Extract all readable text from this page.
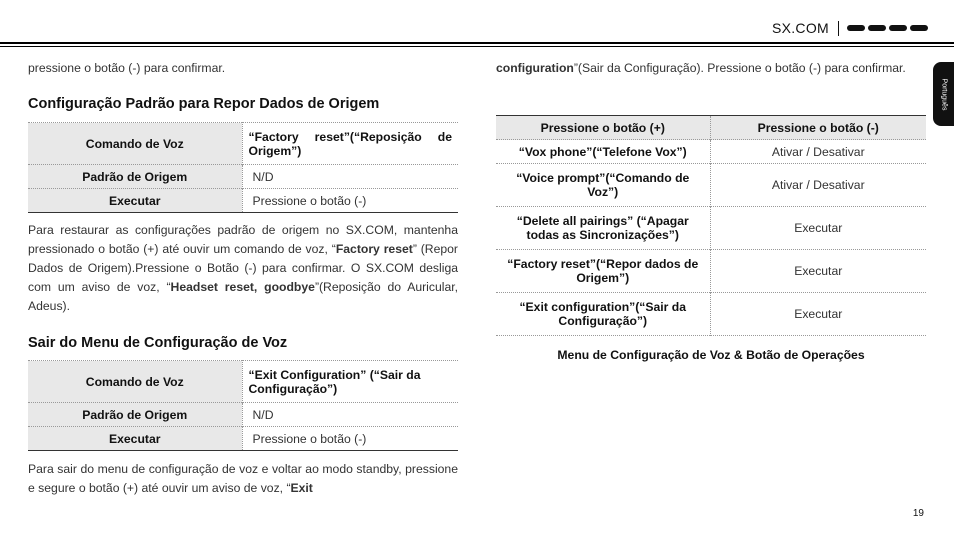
SX.COM
Português
pressione o botão (-) para confirmar.
Configuração Padrão para Repor Dados de Origem
Comando de Voz	“Factory reset”(“Reposição de Origem”)
Padrão de Origem	N/D
Executar	Pressione o botão (-)
Para restaurar as configurações padrão de origem no SX.COM, mantenha pressionado o botão (+) até ouvir um comando de voz, “Factory reset” (Repor Dados de Origem).Pressione o Botão (-) para confirmar. O SX.COM desliga com um aviso de voz, “Headset reset, goodbye”(Reposição do Auricular, Adeus).
Sair do Menu de Configuração de Voz
Comando de Voz	“Exit Configuration” (“Sair da Configuração”)
Padrão de Origem	N/D
Executar	Pressione o botão (-)
Para sair do menu de configuração de voz e voltar ao modo standby, pressione e segure o botão (+) até ouvir um aviso de voz, “Exit
configuration”(Sair da Configuração). Pressione o botão (-) para confirmar.
Pressione o botão (+)	Pressione o botão (-)
“Vox phone”(“Telefone Vox”)	Ativar / Desativar
“Voice prompt”(“Comando de Voz”)	Ativar / Desativar
“Delete all pairings” (“Apagar todas as Sincronizações”)	Executar
“Factory reset”(“Repor dados de Origem”)	Executar
“Exit configuration”(“Sair da Configuração”)	Executar
Menu de Configuração de Voz & Botão de Operações
19
